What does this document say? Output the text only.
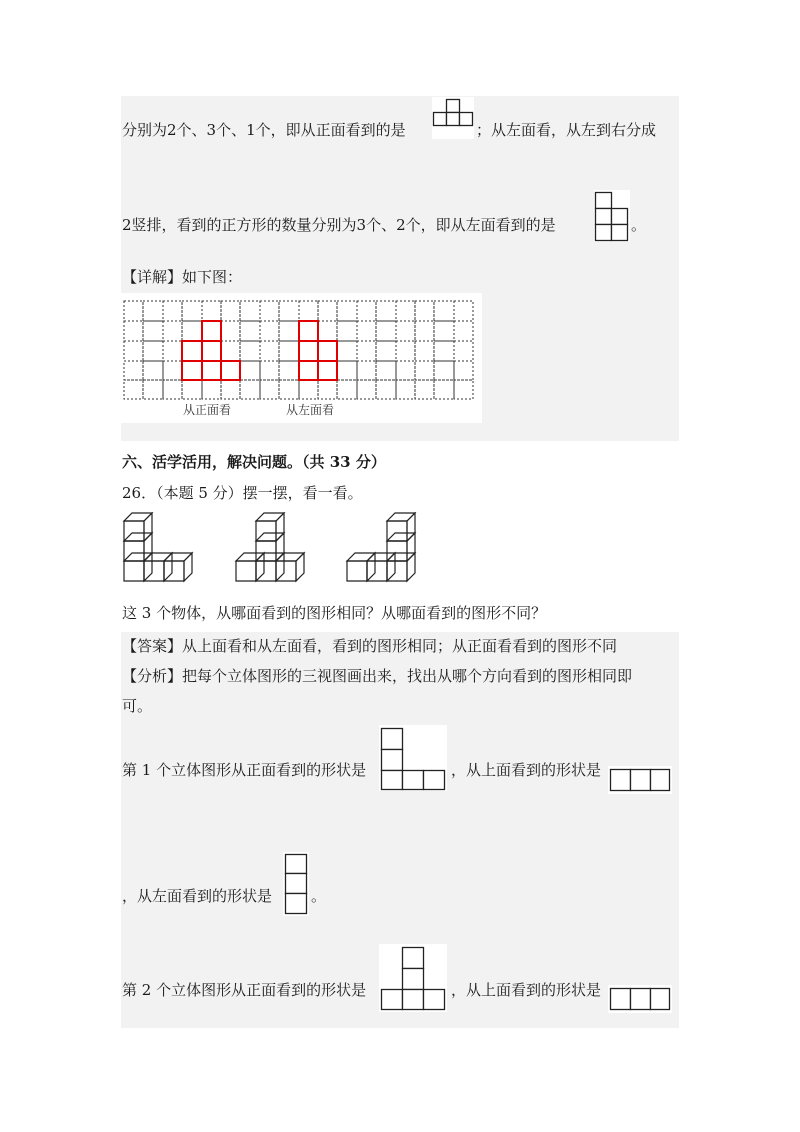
分别为2个、3个、1个，即从正面看到的是	；从左面看，从左到右分成
2竖排，看到的正方形的数量分别为3个、2个，即从左面看到的是	。
【详解】如下图：
从正面看	从左面看
六、活学活用，解决问题。（共 33 分）
26．（本题 5 分）摆一摆，看一看。
这 3 个物体，从哪面看到的图形相同？从哪面看到的图形不同？
【答案】从上面看和从左面看，看到的图形相同；从正面看看到的图形不同
【分析】把每个立体图形的三视图画出来，找出从哪个方向看到的图形相同即
可。
第 1 个立体图形从正面看到的形状是	，从上面看到的形状是
，从左面看到的形状是	。
第 2 个立体图形从正面看到的形状是	，从上面看到的形状是
